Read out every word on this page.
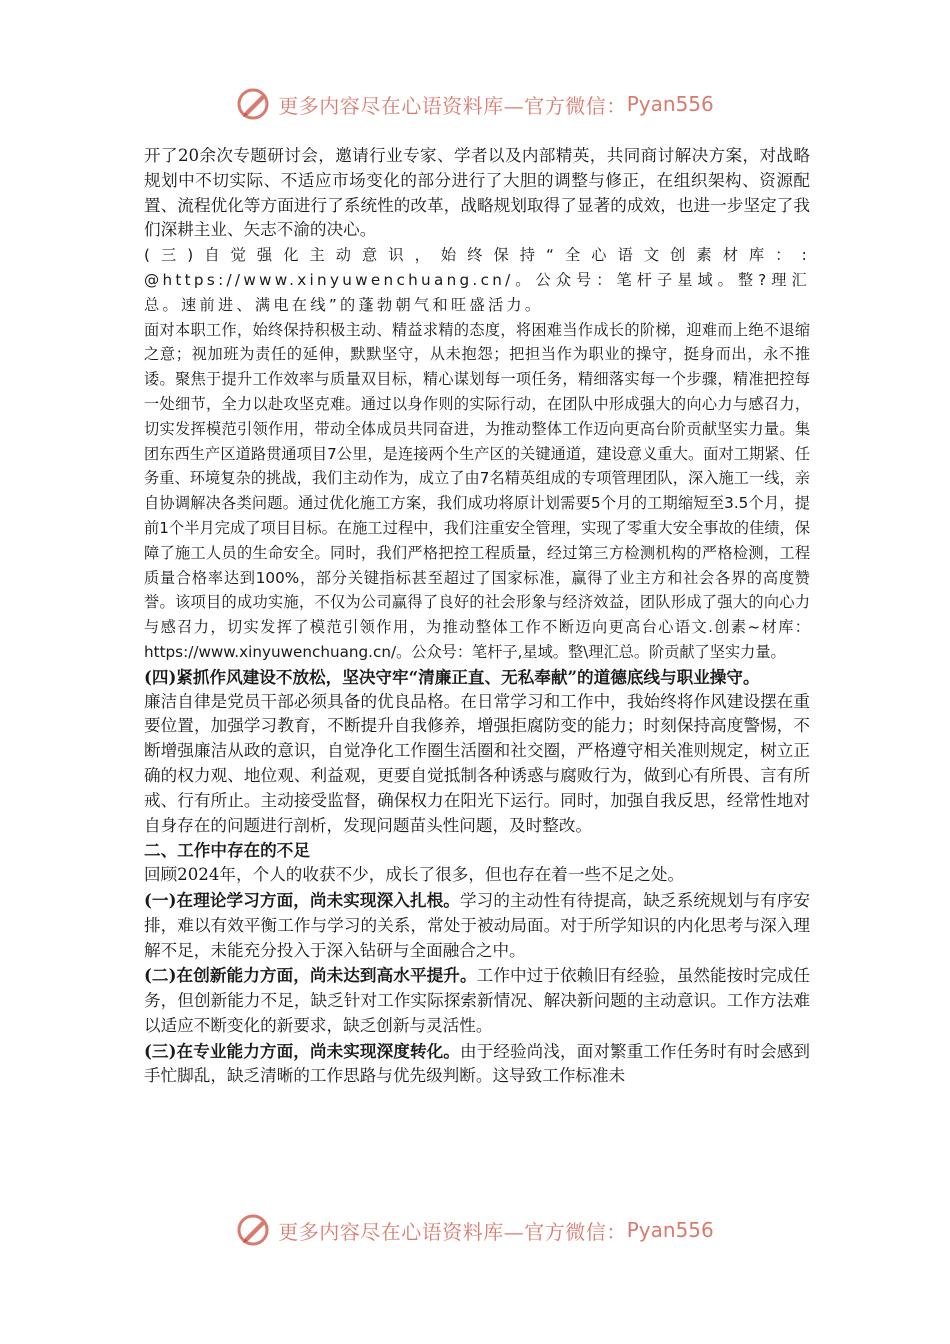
更多内容尽在心语资料库—官方微信： Pyan556

开了20余次专题研讨会，邀请行业专家、学者以及内部精英，共同商讨解决方案，对战略规划中不切实际、不适应市场变化的部分进行了大胆的调整与修正，在组织架构、资源配置、流程优化等方面进行了系统性的改革，战略规划取得了显著的成效，也进一步坚定了我们深耕主业、矢志不渝的决心。

(三)自觉强化主动意识，始终保持“全心语文创素材库：: @https://www.xinyuwenchuang.cn/。公众号：笔杆子星域。整?理汇总。速前进、满电在线”的蓬勃朝气和旺盛活力。

面对本职工作，始终保持积极主动、精益求精的态度，将困难当作成长的阶梯，迎难而上绝不退缩之意；视加班为责任的延伸，默默坚守，从未抱怨；把担当作为职业的操守，挺身而出，永不推诿。聚焦于提升工作效率与质量双目标，精心谋划每一项任务，精细落实每一个步骤，精准把控每一处细节，全力以赴攻坚克难。通过以身作则的实际行动，在团队中形成强大的向心力与感召力，切实发挥模范引领作用，带动全体成员共同奋进，为推动整体工作迈向更高台阶贡献坚实力量。集团东西生产区道路贯通项目7公里，是连接两个生产区的关键通道，建设意义重大。面对工期紧、任务重、环境复杂的挑战，我们主动作为，成立了由7名精英组成的专项管理团队，深入施工一线，亲自协调解决各类问题。通过优化施工方案，我们成功将原计划需要5个月的工期缩短至3.5个月，提前1个半月完成了项目目标。在施工过程中，我们注重安全管理，实现了零重大安全事故的佳绩，保障了施工人员的生命安全。同时，我们严格把控工程质量，经过第三方检测机构的严格检测，工程质量合格率达到100%，部分关键指标甚至超过了国家标准，赢得了业主方和社会各界的高度赞誉。该项目的成功实施，不仅为公司赢得了良好的社会形象与经济效益，团队形成了强大的向心力与感召力，切实发挥了模范引领作用，为推动整体工作不断迈向更高台心语文.创素~材库：https://www.xinyuwenchuang.cn/。公众号：笔杆子,星域。整\理汇总。阶贡献了坚实力量。

(四)紧抓作风建设不放松，坚决守牢“清廉正直、无私奉献”的道德底线与职业操守。

廉洁自律是党员干部必须具备的优良品格。在日常学习和工作中，我始终将作风建设摆在重要位置，加强学习教育，不断提升自我修养，增强拒腐防变的能力；时刻保持高度警惕，不断增强廉洁从政的意识，自觉净化工作圈生活圈和社交圈，严格遵守相关准则规定，树立正确的权力观、地位观、利益观，更要自觉抵制各种诱惑与腐败行为，做到心有所畏、言有所戒、行有所止。主动接受监督，确保权力在阳光下运行。同时，加强自我反思，经常性地对自身存在的问题进行剖析，发现问题苗头性问题，及时整改。

二、工作中存在的不足

回顾2024年，个人的收获不少，成长了很多，但也存在着一些不足之处。

(一)在理论学习方面，尚未实现深入扎根。学习的主动性有待提高，缺乏系统规划与有序安排，难以有效平衡工作与学习的关系，常处于被动局面。对于所学知识的内化思考与深入理解不足，未能充分投入于深入钻研与全面融合之中。

(二)在创新能力方面，尚未达到高水平提升。工作中过于依赖旧有经验，虽然能按时完成任务，但创新能力不足，缺乏针对工作实际探索新情况、解决新问题的主动意识。工作方法难以适应不断变化的新要求，缺乏创新与灵活性。

(三)在专业能力方面，尚未实现深度转化。由于经验尚浅，面对繁重工作任务时有时会感到手忙脚乱，缺乏清晰的工作思路与优先级判断。这导致工作标准未

更多内容尽在心语资料库—官方微信： Pyan556
